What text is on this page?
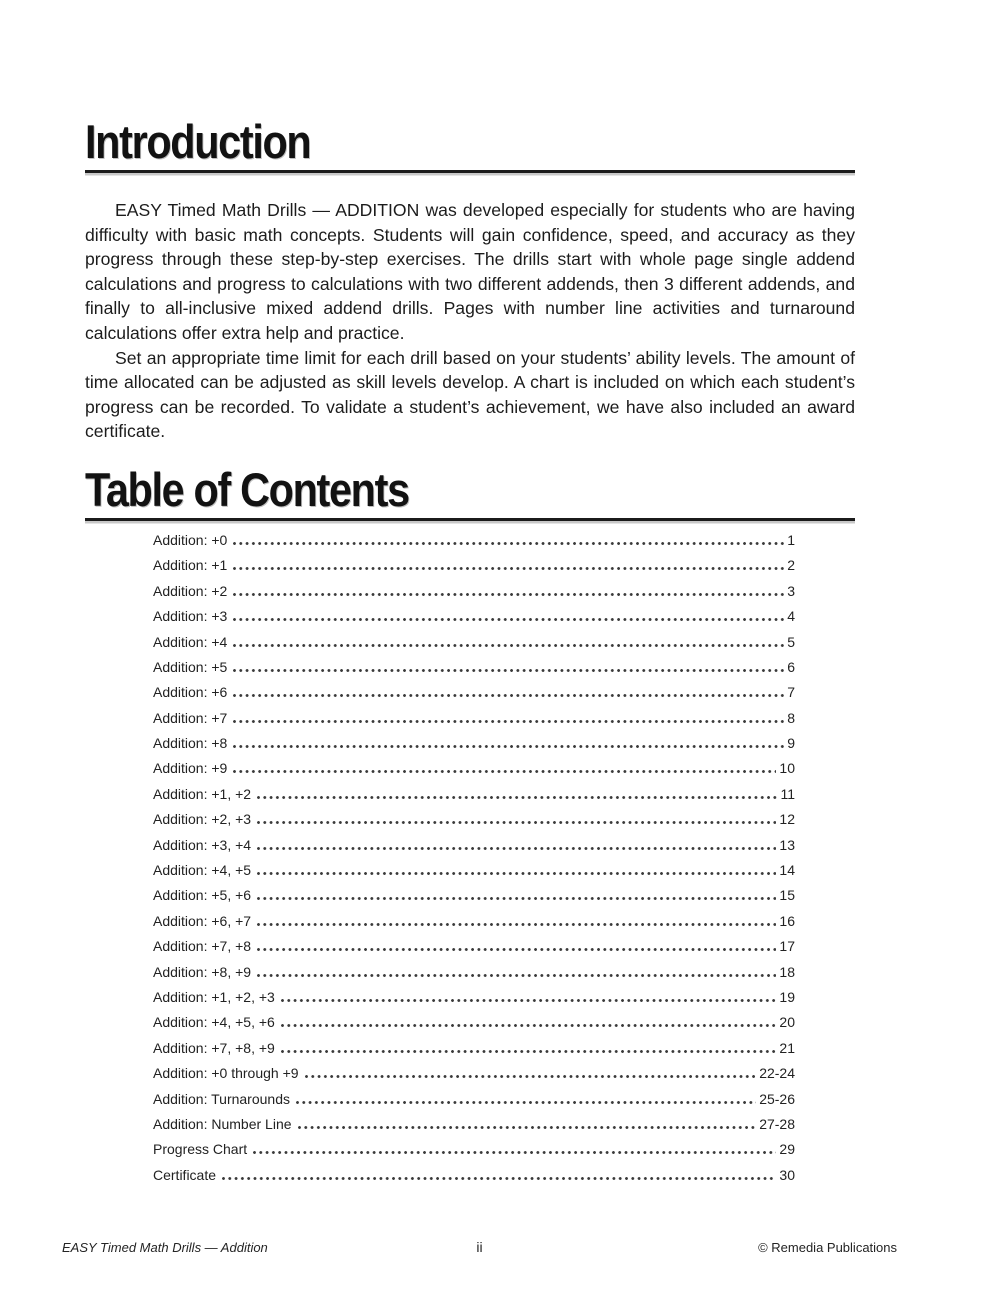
Introduction

EASY Timed Math Drills — ADDITION was developed especially for students who are having difficulty with basic math concepts. Students will gain confidence, speed, and accuracy as they progress through these step-by-step exercises. The drills start with whole page single addend calculations and progress to calculations with two different addends, then 3 different addends, and finally to all-inclusive mixed addend drills. Pages with number line activities and turnaround calculations offer extra help and practice.

Set an appropriate time limit for each drill based on your students’ ability levels. The amount of time allocated can be adjusted as skill levels develop. A chart is included on which each student’s progress can be recorded. To validate a student’s achievement, we have also included an award certificate.

Table of Contents
Addition: +0	1
Addition: +1	2
Addition: +2	3
Addition: +3	4
Addition: +4	5
Addition: +5	6
Addition: +6	7
Addition: +7	8
Addition: +8	9
Addition: +9	10
Addition: +1, +2	11
Addition: +2, +3	12
Addition: +3, +4	13
Addition: +4, +5	14
Addition: +5, +6	15
Addition: +6, +7	16
Addition: +7, +8	17
Addition: +8, +9	18
Addition: +1, +2, +3	19
Addition: +4, +5, +6	20
Addition: +7, +8, +9	21
Addition: +0 through +9	22-24
Addition: Turnarounds	25-26
Addition: Number Line	27-28
Progress Chart	29
Certificate	30
EASY Timed Math Drills — Addition	ii	© Remedia Publications
